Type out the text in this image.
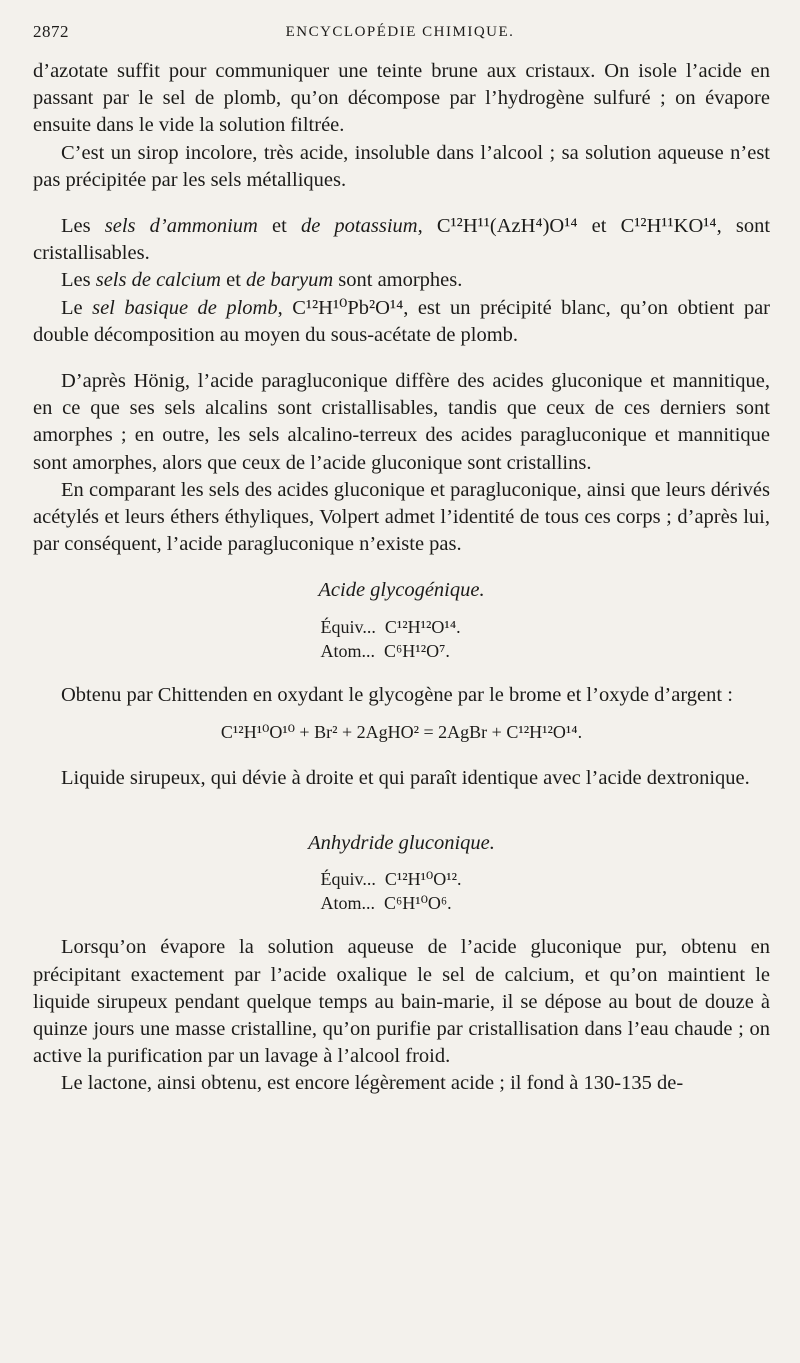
2872	ENCYCLOPÉDIE CHIMIQUE.

d’azotate suffit pour communiquer une teinte brune aux cristaux. On isole l’acide en passant par le sel de plomb, qu’on décompose par l’hydrogène sulfuré ; on évapore ensuite dans le vide la solution filtrée.

C’est un sirop incolore, très acide, insoluble dans l’alcool ; sa solution aqueuse n’est pas précipitée par les sels métalliques.

Les sels d’ammonium et de potassium, C¹²H¹¹(AzH⁴)O¹⁴ et C¹²H¹¹KO¹⁴, sont cristallisables.

Les sels de calcium et de baryum sont amorphes.

Le sel basique de plomb, C¹²H¹⁰Pb²O¹⁴, est un précipité blanc, qu’on obtient par double décomposition au moyen du sous-acétate de plomb.

D’après Hönig, l’acide paragluconique diffère des acides gluconique et mannitique, en ce que ses sels alcalins sont cristallisables, tandis que ceux de ces derniers sont amorphes ; en outre, les sels alcalino-terreux des acides paragluconique et mannitique sont amorphes, alors que ceux de l’acide gluconique sont cristallins.

En comparant les sels des acides gluconique et paragluconique, ainsi que leurs dérivés acétylés et leurs éthers éthyliques, Volpert admet l’identité de tous ces corps ; d’après lui, par conséquent, l’acide paragluconique n’existe pas.

Acide glycogénique.

Équiv... C¹²H¹²O¹⁴.
Atom... C⁶H¹²O⁷.

Obtenu par Chittenden en oxydant le glycogène par le brome et l’oxyde d’argent :

C¹²H¹⁰O¹⁰ + Br² + 2AgHO² = 2AgBr + C¹²H¹²O¹⁴.

Liquide sirupeux, qui dévie à droite et qui paraît identique avec l’acide dextronique.

Anhydride gluconique.

Équiv... C¹²H¹⁰O¹².
Atom... C⁶H¹⁰O⁶.

Lorsqu’on évapore la solution aqueuse de l’acide gluconique pur, obtenu en précipitant exactement par l’acide oxalique le sel de calcium, et qu’on maintient le liquide sirupeux pendant quelque temps au bain-marie, il se dépose au bout de douze à quinze jours une masse cristalline, qu’on purifie par cristallisation dans l’eau chaude ; on active la purification par un lavage à l’alcool froid.

Le lactone, ainsi obtenu, est encore légèrement acide ; il fond à 130-135 de-
